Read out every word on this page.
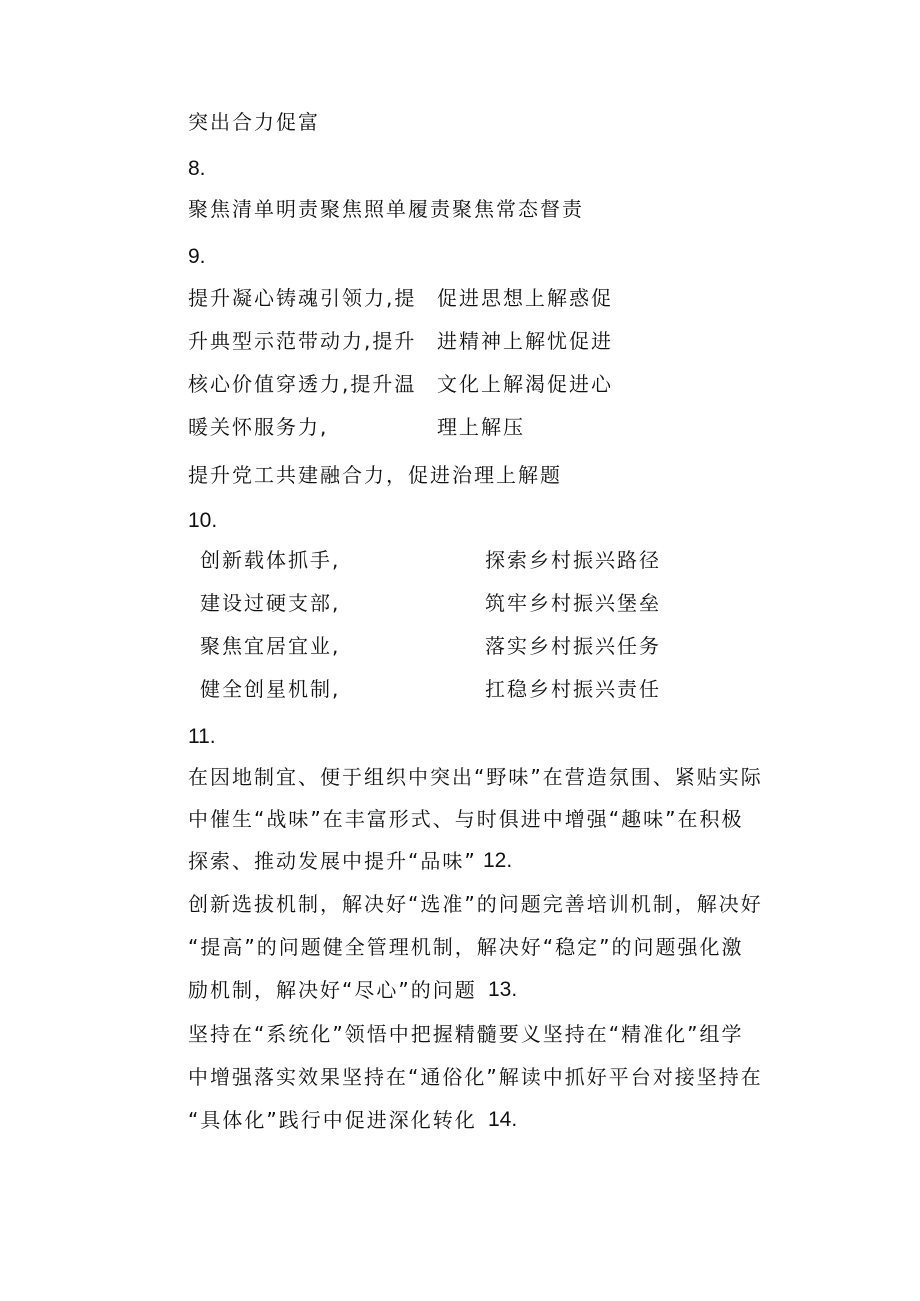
突出合力促富
8.
聚焦清单明责聚焦照单履责聚焦常态督责
9.
提升凝心铸魂引领力,提
升典型示范带动力,提升
核心价值穿透力,提升温
暖关怀服务力,
促进思想上解惑促
进精神上解忧促进
文化上解渴促进心
理上解压
提升党工共建融合力，促进治理上解题
10.
创新载体抓手,
建设过硬支部,
聚焦宜居宜业,
健全创星机制,
探索乡村振兴路径
筑牢乡村振兴堡垒
落实乡村振兴任务
扛稳乡村振兴责任
11.
在因地制宜、便于组织中突出“野味”在营造氛围、紧贴实际
中催生“战味”在丰富形式、与时俱进中增强“趣味”在积极
探索、推动发展中提升“品味” 12.
创新选拔机制，解决好“选准”的问题完善培训机制，解决好
“提高”的问题健全管理机制，解决好“稳定”的问题强化激
励机制，解决好“尽心”的问题 13.
坚持在“系统化”领悟中把握精髓要义坚持在“精准化”组学
中增强落实效果坚持在“通俗化”解读中抓好平台对接坚持在
“具体化”践行中促进深化转化 14.
